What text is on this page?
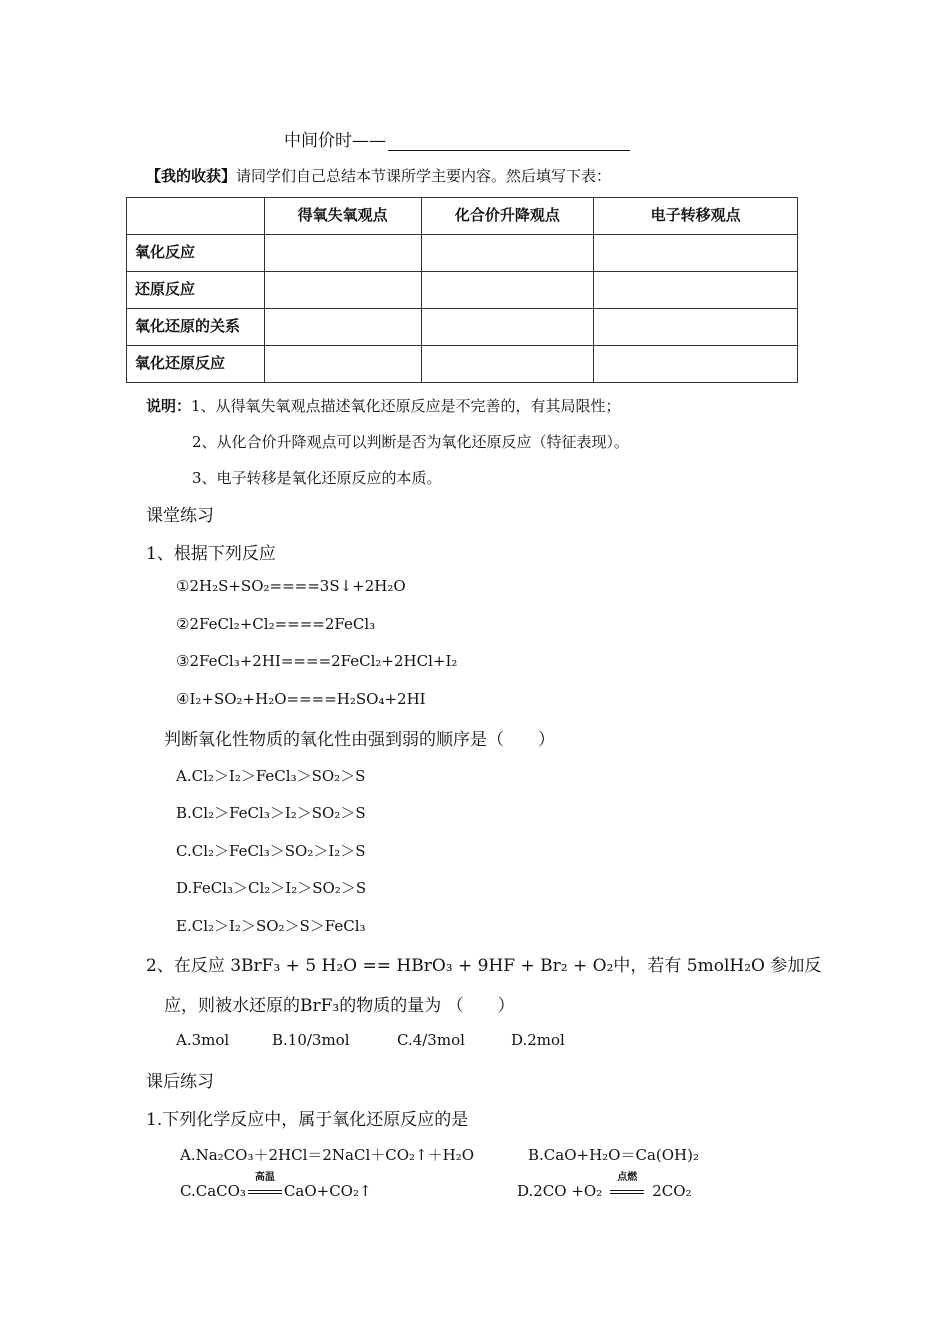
中间价时——
【我的收获】请同学们自己总结本节课所学主要内容。然后填写下表：
	得氧失氧观点	化合价升降观点	电子转移观点
氧化反应			
还原反应			
氧化还原的关系			
氧化还原反应			
说明：1、从得氧失氧观点描述氧化还原反应是不完善的，有其局限性；
2、从化合价升降观点可以判断是否为氧化还原反应（特征表现）。
3、电子转移是氧化还原反应的本质。
课堂练习
1、根据下列反应
①2H₂S+SO₂====3S↓+2H₂O
②2FeCl₂+Cl₂====2FeCl₃
③2FeCl₃+2HI====2FeCl₂+2HCl+I₂
④I₂+SO₂+H₂O====H₂SO₄+2HI
判断氧化性物质的氧化性由强到弱的顺序是（　　）
A.Cl₂＞I₂＞FeCl₃＞SO₂＞S
B.Cl₂＞FeCl₃＞I₂＞SO₂＞S
C.Cl₂＞FeCl₃＞SO₂＞I₂＞S
D.FeCl₃＞Cl₂＞I₂＞SO₂＞S
E.Cl₂＞I₂＞SO₂＞S＞FeCl₃
2、在反应 3BrF₃ + 5 H₂O == HBrO₃ + 9HF + Br₂ + O₂中，若有 5molH₂O 参加反
应，则被水还原的BrF₃的物质的量为 （　　）
A.3mol	B.10/3mol	C.4/3mol	D.2mol
课后练习
1.下列化学反应中，属于氧化还原反应的是
A.Na₂CO₃＋2HCl＝2NaCl＋CO₂↑＋H₂O	B.CaO+H₂O＝Ca(OH)₂
C.CaCO₃
高温
CaO+CO₂↑	D.2CO +O₂
点燃
2CO₂
